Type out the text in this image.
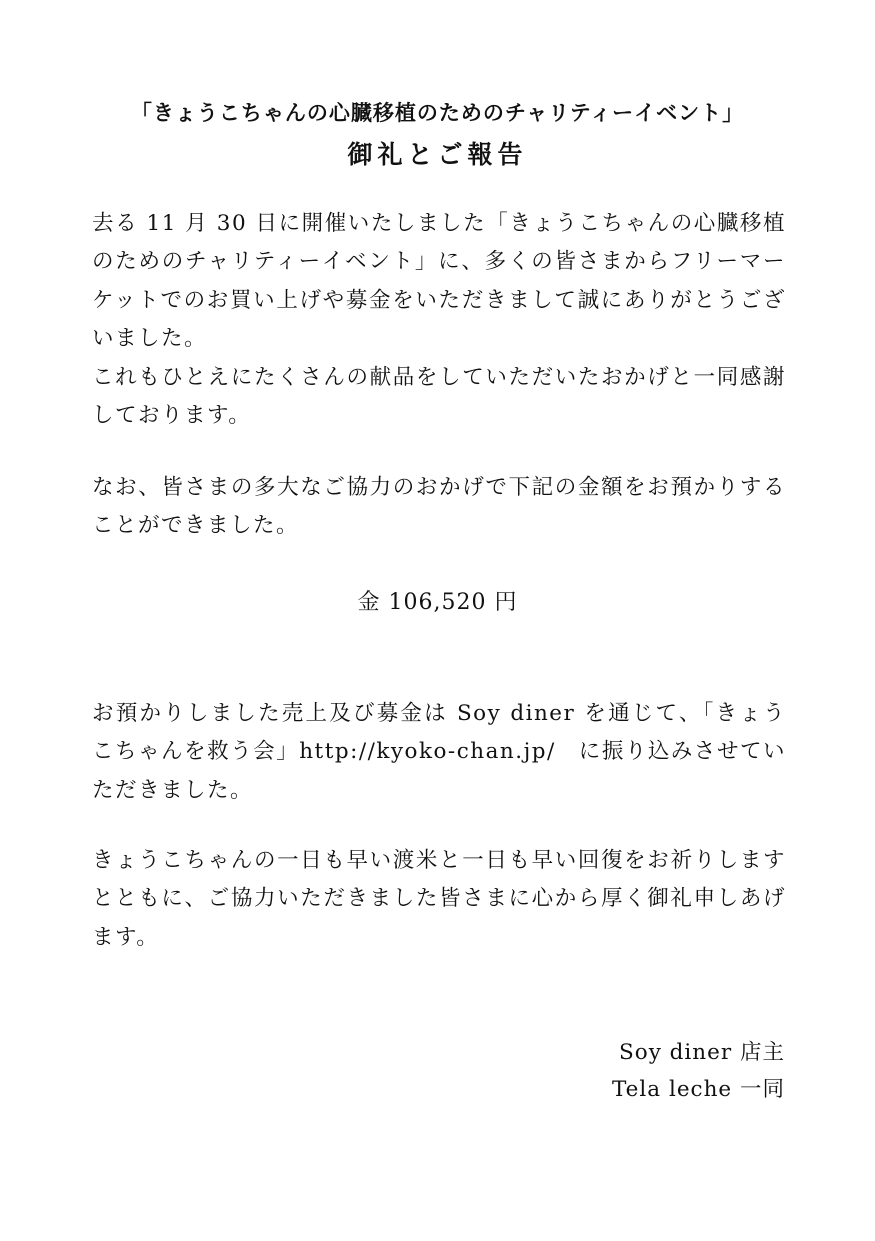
「きょうこちゃんの心臓移植のためのチャリティーイベント」
御礼とご報告

去る 11 月 30 日に開催いたしました「きょうこちゃんの心臓移植のためのチャリティーイベント」に、多くの皆さまからフリーマーケットでのお買い上げや募金をいただきまして誠にありがとうございました。

これもひとえにたくさんの献品をしていただいたおかげと一同感謝しております。

なお、皆さまの多大なご協力のおかげで下記の金額をお預かりすることができました。

金 106,520 円

お預かりしました売上及び募金は Soy diner を通じて、「きょうこちゃんを救う会」http://kyoko-chan.jp/　に振り込みさせていただきました。

きょうこちゃんの一日も早い渡米と一日も早い回復をお祈りしますとともに、ご協力いただきました皆さまに心から厚く御礼申しあげます。

Soy diner 店主
Tela leche 一同
